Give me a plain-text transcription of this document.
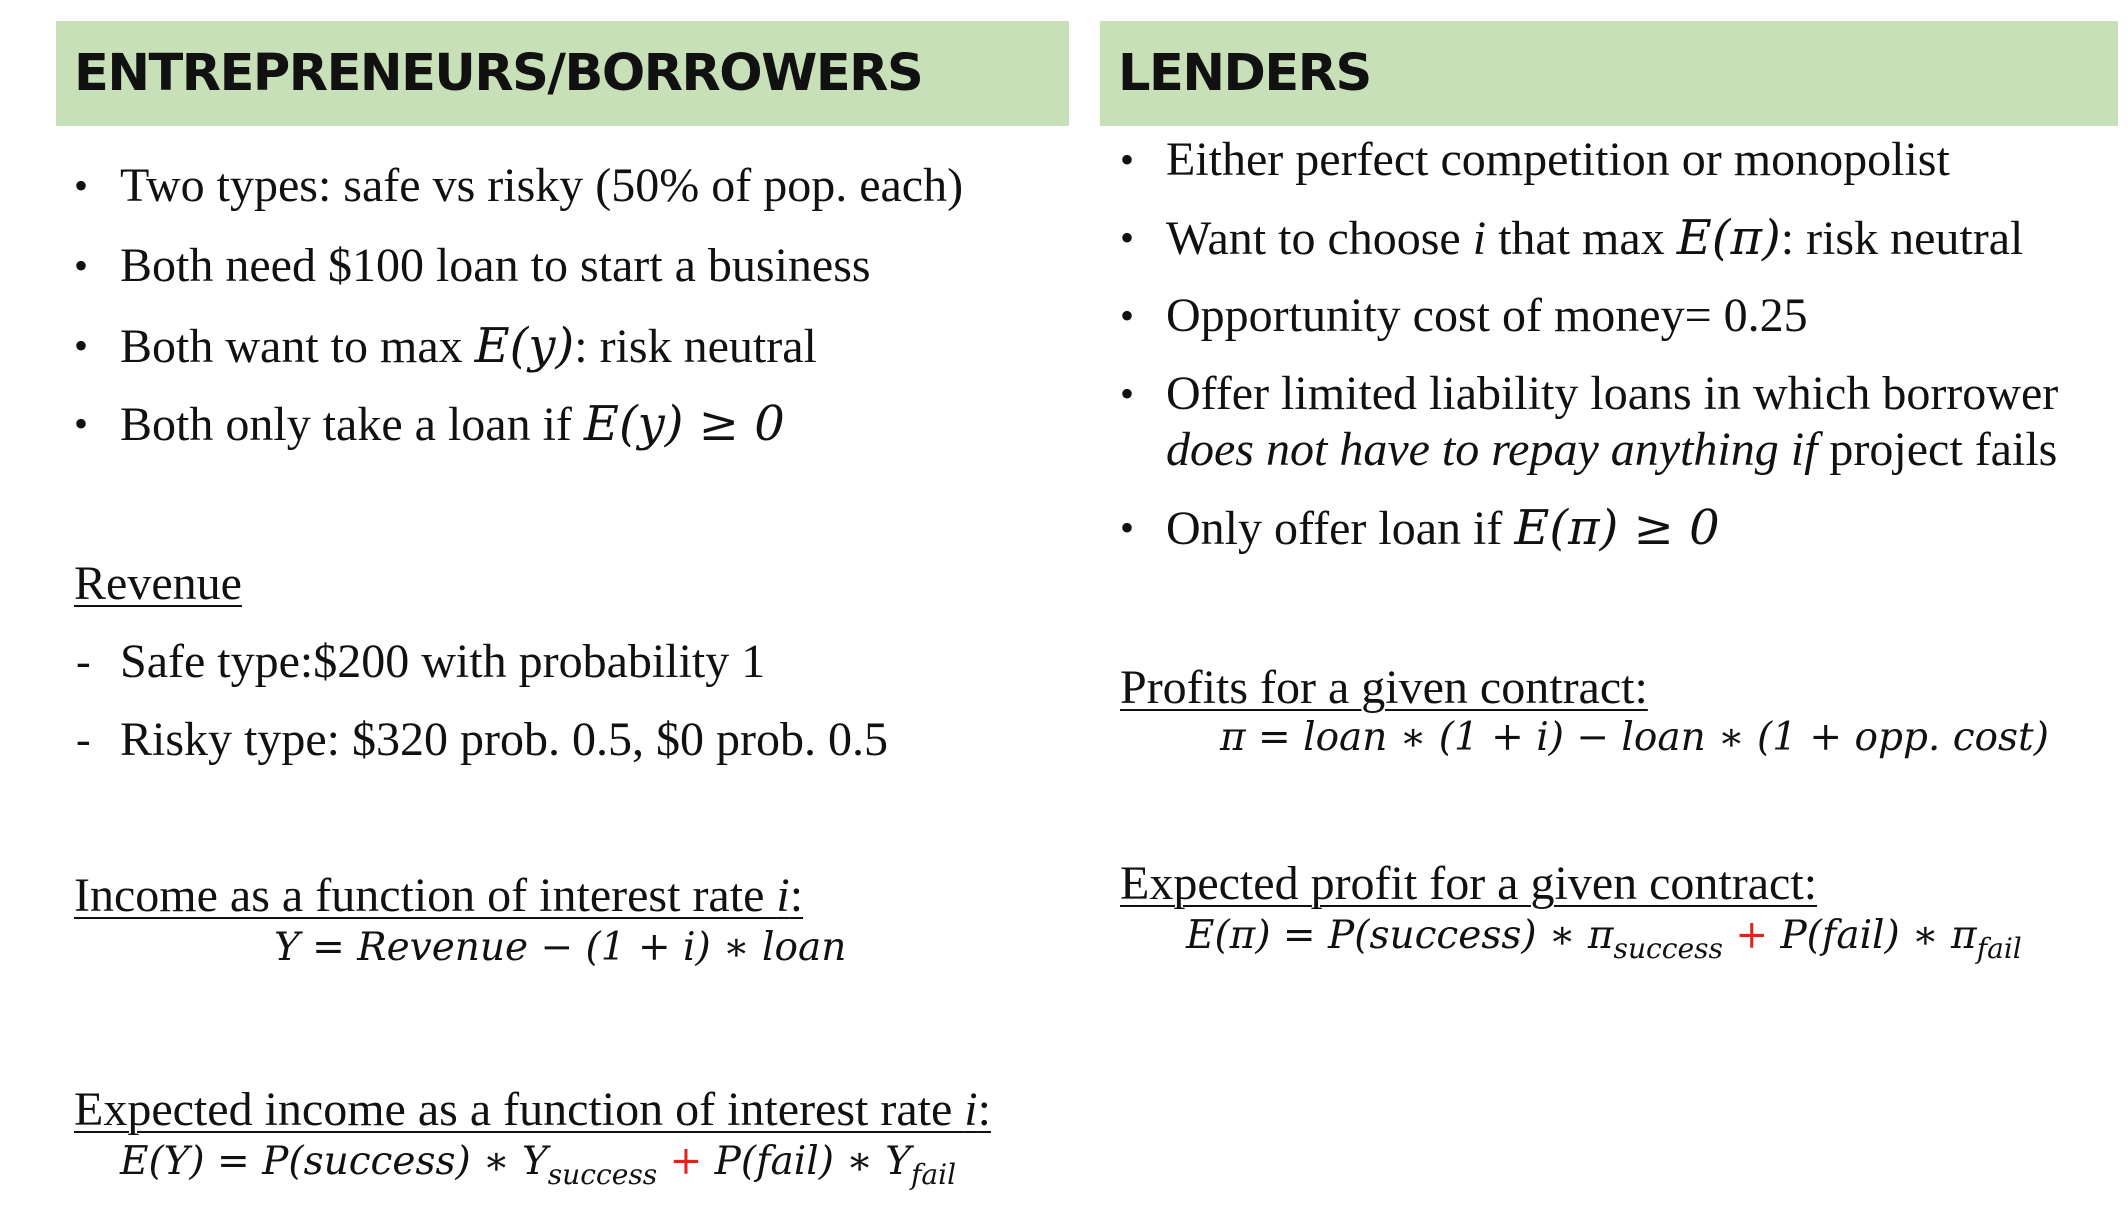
ENTREPRENEURS/BORROWERS
• Two types: safe vs risky (50% of pop. each)
• Both need $100 loan to start a business
• Both want to max E(y): risk neutral
• Both only take a loan if E(y) ≥ 0
Revenue
- Safe type:$200 with probability 1
- Risky type: $320 prob. 0.5, $0 prob. 0.5
Income as a function of interest rate i:
Y = Revenue − (1 + i) ∗ loan
Expected income as a function of interest rate i:
E(Y) = P(success) ∗ $Y_{success}$ + P(fail) ∗ $Y_{fail}$
LENDERS
• Either perfect competition or monopolist
• Want to choose i that max E(π): risk neutral
• Opportunity cost of money= 0.25
• Offer limited liability loans in which borrower
does not have to repay anything if project fails
• Only offer loan if E(π) ≥ 0
Profits for a given contract:
π = loan ∗ (1 + i) − loan ∗ (1 + opp. cost)
Expected profit for a given contract:
E(π) = P(success) ∗ $\pi_{success}$ + P(fail) ∗ $\pi_{fail}$
